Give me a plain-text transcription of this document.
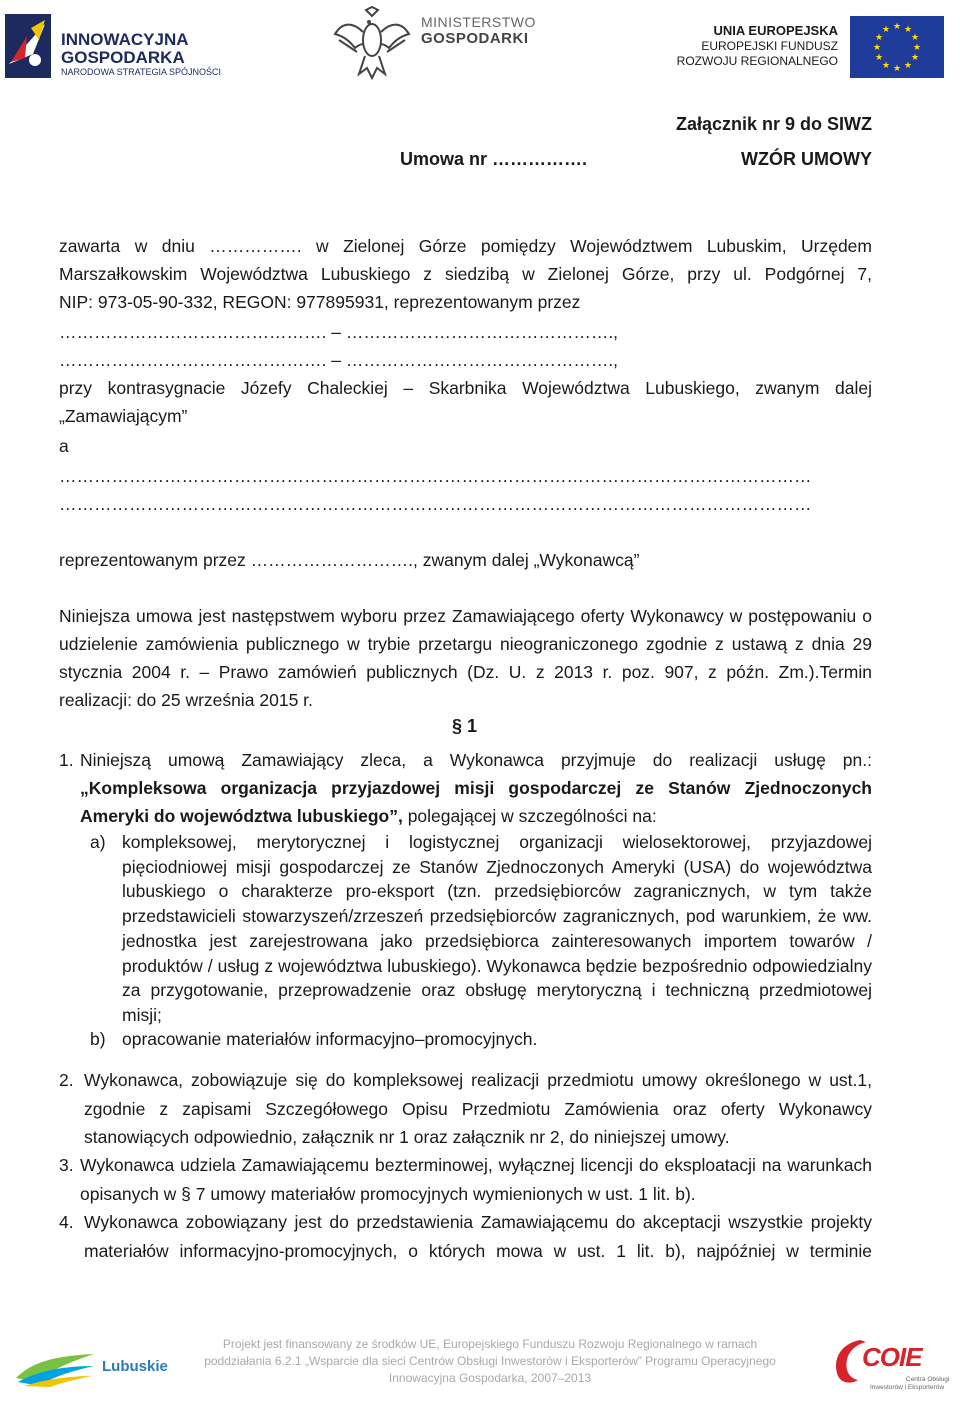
INNOWACYJNA
GOSPODARKA
NARODOWA STRATEGIA SPÓJNOŚCI
MINISTERSTWO
GOSPODARKI	UNIA EUROPEJSKA
EUROPEJSKI FUNDUSZ
ROZWOJU REGIONALNEGO
★ ★
★
★
★
★
★
★
★
★
★
★
Załącznik nr 9 do SIWZ
Umowa nr …………….	WZÓR UMOWY
zawarta w dniu ……………. w Zielonej Górze pomiędzy Województwem Lubuskim, Urzędem
Marszałkowskim Województwa Lubuskiego z siedzibą w Zielonej Górze, przy ul. Podgórnej 7,
NIP: 973-05-90-332, REGON: 977895931, reprezentowanym przez
………………………………………. – ……………………………………….,
………………………………………. – ……………………………………….,
przy kontrasygnacie Józefy Chaleckiej – Skarbnika Województwa Lubuskiego, zwanym dalej
„Zamawiającym”
a
…………………………………………………………………………………………………………………
…………………………………………………………………………………………………………………
reprezentowanym przez ………………………., zwanym dalej „Wykonawcą”
Niniejsza umowa jest następstwem wyboru przez Zamawiającego oferty Wykonawcy w postępowaniu o udzielenie zamówienia publicznego w trybie przetargu nieograniczonego zgodnie z ustawą z dnia 29 stycznia 2004 r. – Prawo zamówień publicznych (Dz. U. z 2013 r. poz. 907, z późn. Zm.).Termin realizacji: do 25 września 2015 r.
§ 1
1. Niniejszą umową Zamawiający zleca, a Wykonawca przyjmuje do realizacji usługę pn.:
„Kompleksowa organizacja przyjazdowej misji gospodarczej ze Stanów Zjednoczonych Ameryki do województwa lubuskiego”, polegającej w szczególności na:
a) kompleksowej, merytorycznej i logistycznej organizacji wielosektorowej, przyjazdowej pięciodniowej misji gospodarczej ze Stanów Zjednoczonych Ameryki (USA) do województwa lubuskiego o charakterze pro-eksport (tzn. przedsiębiorców zagranicznych, w tym także przedstawicieli stowarzyszeń/zrzeszeń przedsiębiorców zagranicznych, pod warunkiem, że ww. jednostka jest zarejestrowana jako przedsiębiorca zainteresowanych importem towarów / produktów / usług z województwa lubuskiego). Wykonawca będzie bezpośrednio odpowiedzialny za przygotowanie, przeprowadzenie oraz obsługę merytoryczną i techniczną przedmiotowej misji;
b) opracowanie materiałów informacyjno–promocyjnych.
2. Wykonawca, zobowiązuje się do kompleksowej realizacji przedmiotu umowy określonego w ust.1, zgodnie z zapisami Szczegółowego Opisu Przedmiotu Zamówienia oraz oferty Wykonawcy stanowiących odpowiednio, załącznik nr 1 oraz załącznik nr 2, do niniejszej umowy.
3. Wykonawca udziela Zamawiającemu bezterminowej, wyłącznej licencji do eksploatacji na warunkach opisanych w § 7 umowy materiałów promocyjnych wymienionych w ust. 1 lit. b).
4. Wykonawca zobowiązany jest do przedstawienia Zamawiającemu do akceptacji wszystkie projekty materiałów informacyjno-promocyjnych, o których mowa w ust. 1 lit. b), najpóźniej w terminie
Lubuskie
Projekt jest finansowany ze środków UE, Europejskiego Funduszu Rozwoju Regionalnego w ramach
poddziałania 6.2.1 „Wsparcie dla sieci Centrów Obsługi Inwestorów i Eksporterów” Programu Operacyjnego
Innowacyjna Gospodarka, 2007–2013
COIE
Centra Obsługi
Inwestorów i Eksporterów
